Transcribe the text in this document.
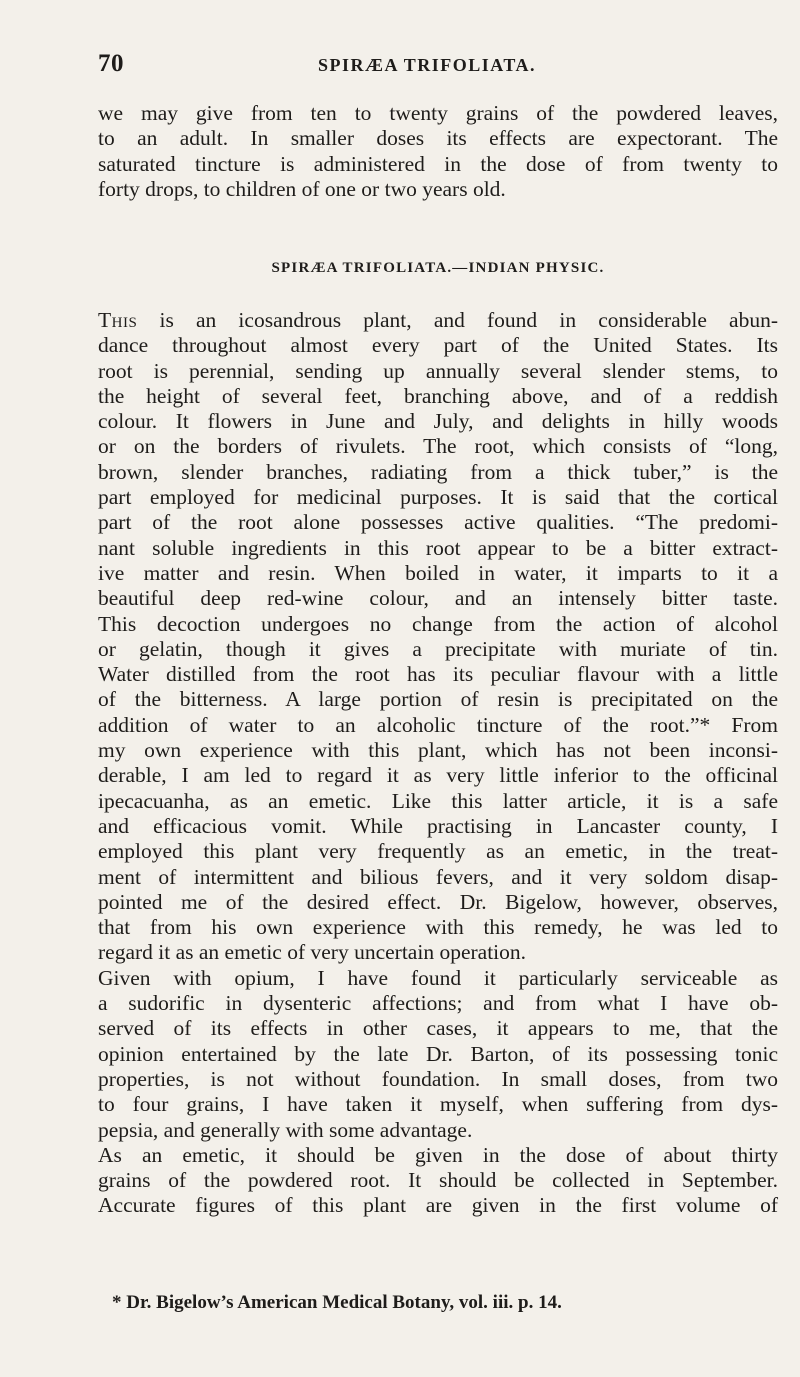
70	SPIRÆA TRIFOLIATA.
we may give from ten to twenty grains of the powdered leaves,
to an adult. In smaller doses its effects are expectorant. The
saturated tincture is administered in the dose of from twenty to
forty drops, to children of one or two years old.
SPIRÆA TRIFOLIATA.—INDIAN PHYSIC.
This is an icosandrous plant, and found in considerable abun-
dance throughout almost every part of the United States. Its
root is perennial, sending up annually several slender stems, to
the height of several feet, branching above, and of a reddish
colour. It flowers in June and July, and delights in hilly woods
or on the borders of rivulets. The root, which consists of “long,
brown, slender branches, radiating from a thick tuber,” is the
part employed for medicinal purposes. It is said that the cortical
part of the root alone possesses active qualities. “The predomi-
nant soluble ingredients in this root appear to be a bitter extract-
ive matter and resin. When boiled in water, it imparts to it a
beautiful deep red-wine colour, and an intensely bitter taste.
This decoction undergoes no change from the action of alcohol
or gelatin, though it gives a precipitate with muriate of tin.
Water distilled from the root has its peculiar flavour with a little
of the bitterness. A large portion of resin is precipitated on the
addition of water to an alcoholic tincture of the root.”* From
my own experience with this plant, which has not been inconsi-
derable, I am led to regard it as very little inferior to the officinal
ipecacuanha, as an emetic. Like this latter article, it is a safe
and efficacious vomit. While practising in Lancaster county, I
employed this plant very frequently as an emetic, in the treat-
ment of intermittent and bilious fevers, and it very soldom disap-
pointed me of the desired effect. Dr. Bigelow, however, observes,
that from his own experience with this remedy, he was led to
regard it as an emetic of very uncertain operation.
Given with opium, I have found it particularly serviceable as
a sudorific in dysenteric affections; and from what I have ob-
served of its effects in other cases, it appears to me, that the
opinion entertained by the late Dr. Barton, of its possessing tonic
properties, is not without foundation. In small doses, from two
to four grains, I have taken it myself, when suffering from dys-
pepsia, and generally with some advantage.
As an emetic, it should be given in the dose of about thirty
grains of the powdered root. It should be collected in September.
Accurate figures of this plant are given in the first volume of
* Dr. Bigelow’s American Medical Botany, vol. iii. p. 14.
